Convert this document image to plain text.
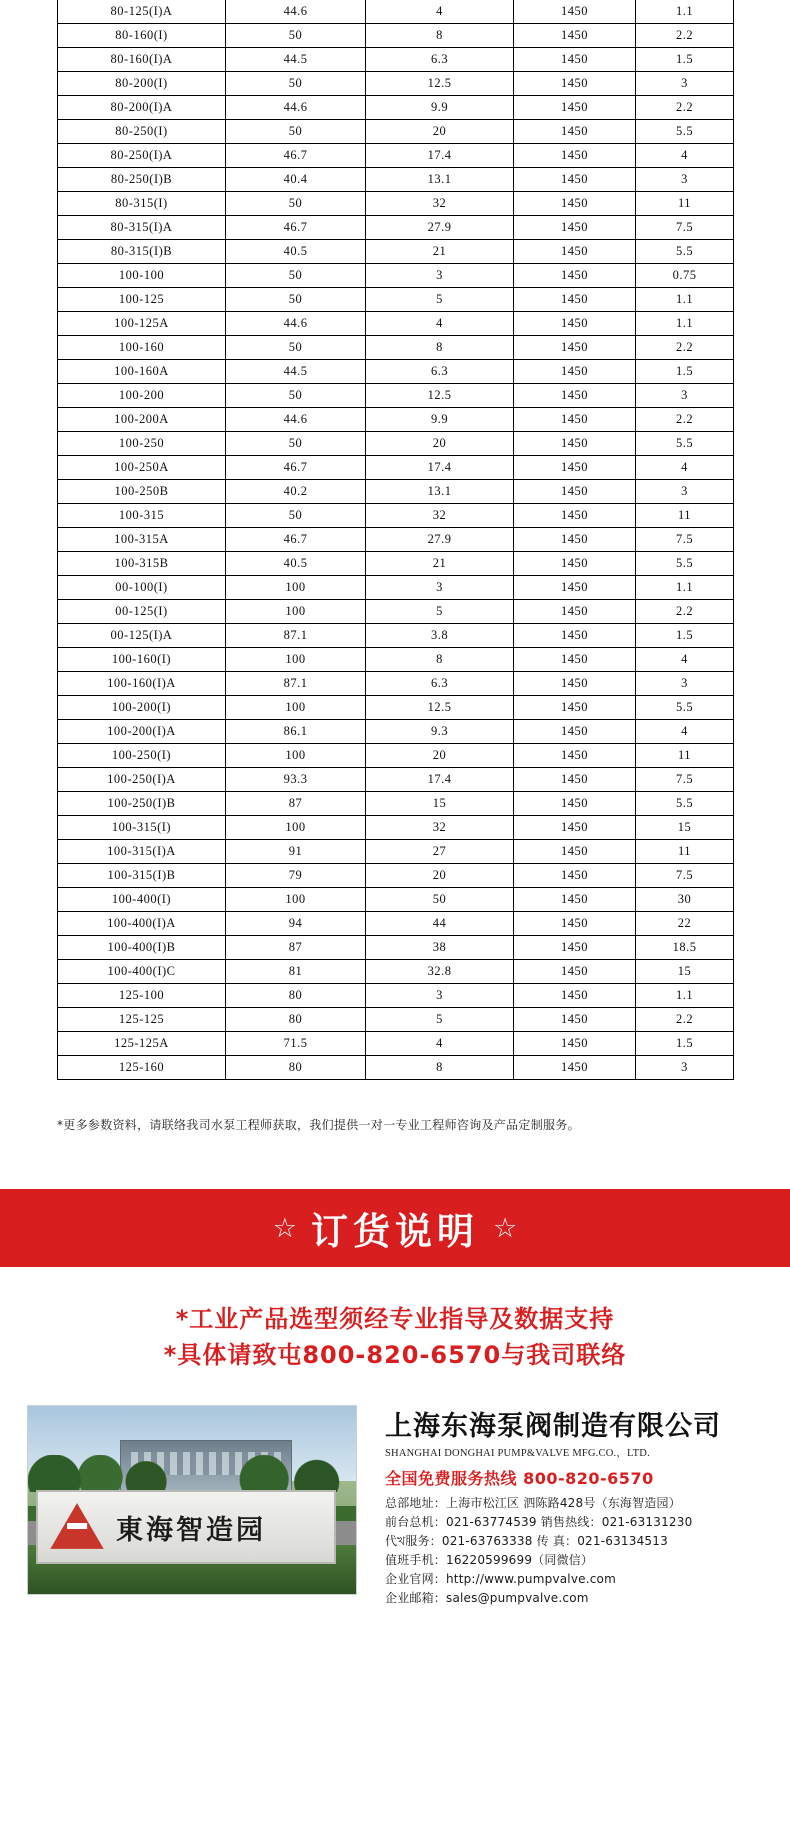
80-125(I)A	44.6	4	1450	1.1
80-160(I)	50	8	1450	2.2
80-160(I)A	44.5	6.3	1450	1.5
80-200(I)	50	12.5	1450	3
80-200(I)A	44.6	9.9	1450	2.2
80-250(I)	50	20	1450	5.5
80-250(I)A	46.7	17.4	1450	4
80-250(I)B	40.4	13.1	1450	3
80-315(I)	50	32	1450	11
80-315(I)A	46.7	27.9	1450	7.5
80-315(I)B	40.5	21	1450	5.5
100-100	50	3	1450	0.75
100-125	50	5	1450	1.1
100-125A	44.6	4	1450	1.1
100-160	50	8	1450	2.2
100-160A	44.5	6.3	1450	1.5
100-200	50	12.5	1450	3
100-200A	44.6	9.9	1450	2.2
100-250	50	20	1450	5.5
100-250A	46.7	17.4	1450	4
100-250B	40.2	13.1	1450	3
100-315	50	32	1450	11
100-315A	46.7	27.9	1450	7.5
100-315B	40.5	21	1450	5.5
00-100(I)	100	3	1450	1.1
00-125(I)	100	5	1450	2.2
00-125(I)A	87.1	3.8	1450	1.5
100-160(I)	100	8	1450	4
100-160(I)A	87.1	6.3	1450	3
100-200(I)	100	12.5	1450	5.5
100-200(I)A	86.1	9.3	1450	4
100-250(I)	100	20	1450	11
100-250(I)A	93.3	17.4	1450	7.5
100-250(I)B	87	15	1450	5.5
100-315(I)	100	32	1450	15
100-315(I)A	91	27	1450	11
100-315(I)B	79	20	1450	7.5
100-400(I)	100	50	1450	30
100-400(I)A	94	44	1450	22
100-400(I)B	87	38	1450	18.5
100-400(I)C	81	32.8	1450	15
125-100	80	3	1450	1.1
125-125	80	5	1450	2.2
125-125A	71.5	4	1450	1.5
125-160	80	8	1450	3
*更多参数资料，请联络我司水泵工程师获取，我们提供一对一专业工程师咨询及产品定制服务。
☆ 订货说明 ☆
*工业产品选型须经专业指导及数据支持
*具体请致屯800-820-6570与我司联络
東海智造园
上海东海泵阀制造有限公司
SHANGHAI DONGHAI PUMP&VALVE MFG.CO.，LTD.
全国免费服务热线 800-820-6570
总部地址：上海市松江区 泗陈路428号（东海智造园）
前台总机：021-63774539 销售热线：021-63131230
代খ服务：021-63763338 传 真：021-63134513
值班手机：16220599699（同微信）
企业官网：http://www.pumpvalve.com
企业邮箱：sales@pumpvalve.com
